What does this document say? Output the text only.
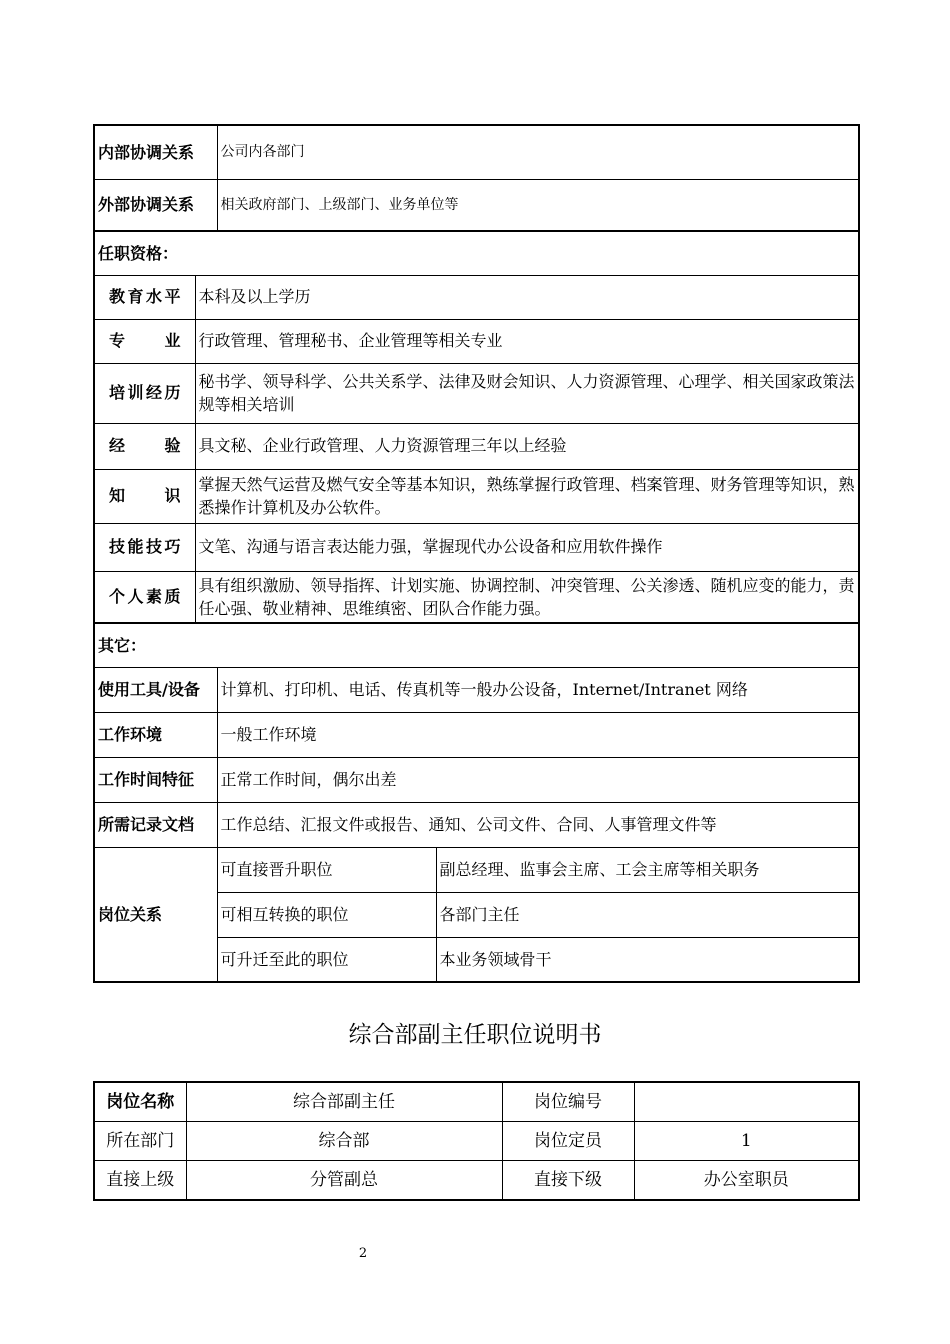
内部协调关系		公司内各部门	
外部协调关系		相关政府部门、上级部门、业务单位等	
任职资格：			
教育水平	本科及以上学历		
专　业	行政管理、管理秘书、企业管理等相关专业		
培训经历	秘书学、领导科学、公共关系学、法律及财会知识、人力资源管理、心理学、相关国家政策法规等相关培训		
经　验	具文秘、企业行政管理、人力资源管理三年以上经验		
知　识	掌握天然气运营及燃气安全等基本知识，熟练掌握行政管理、档案管理、财务管理等知识，熟悉操作计算机及办公软件。		
技能技巧	文笔、沟通与语言表达能力强，掌握现代办公设备和应用软件操作		
个人素质	具有组织激励、领导指挥、计划实施、协调控制、冲突管理、公关渗透、随机应变的能力，责任心强、敬业精神、思维缜密、团队合作能力强。		
其它：			
使用工具/设备		计算机、打印机、电话、传真机等一般办公设备，Internet/Intranet 网络	
工作环境		一般工作环境	
工作时间特征		正常工作时间，偶尔出差	
所需记录文档		工作总结、汇报文件或报告、通知、公司文件、合同、人事管理文件等	
岗位关系		可直接晋升职位	副总经理、监事会主席、工会主席等相关职务
		可相互转换的职位	各部门主任
		可升迁至此的职位	本业务领域骨干
综合部副主任职位说明书
岗位名称	综合部副主任	岗位编号	
所在部门	综合部	岗位定员	1
直接上级	分管副总	直接下级	办公室职员
2
